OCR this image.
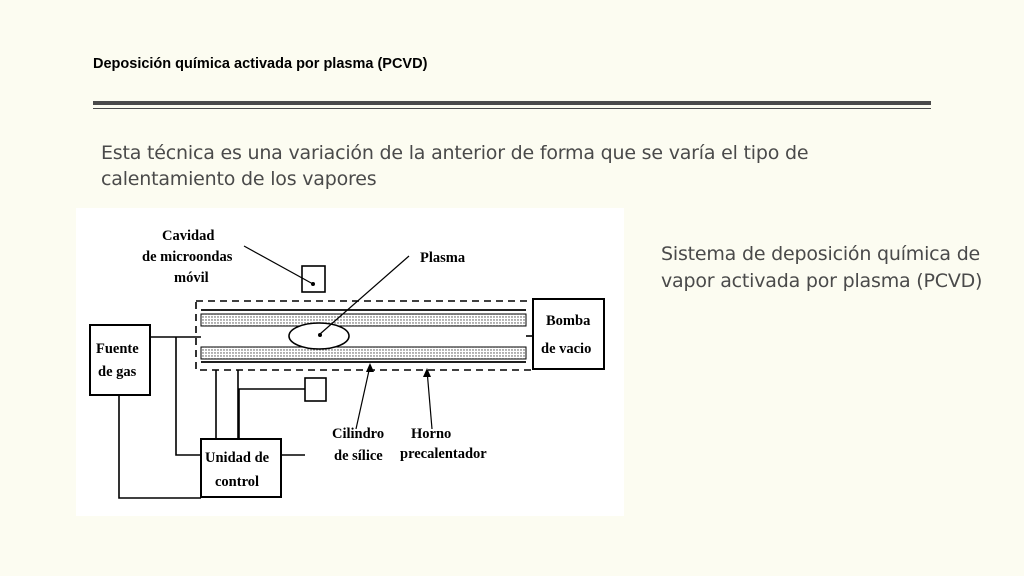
Deposición química activada por plasma (PCVD)

Esta técnica es una variación de la anterior de forma que se varía el tipo de calentamiento de los vapores

Cavidad
de microondas
móvil
Plasma
Fuente
de gas
Bomba
de vacio
Unidad de
control
Cilindro
de sílice
Horno
precalentador

Sistema de deposición química de vapor activada por plasma (PCVD)
